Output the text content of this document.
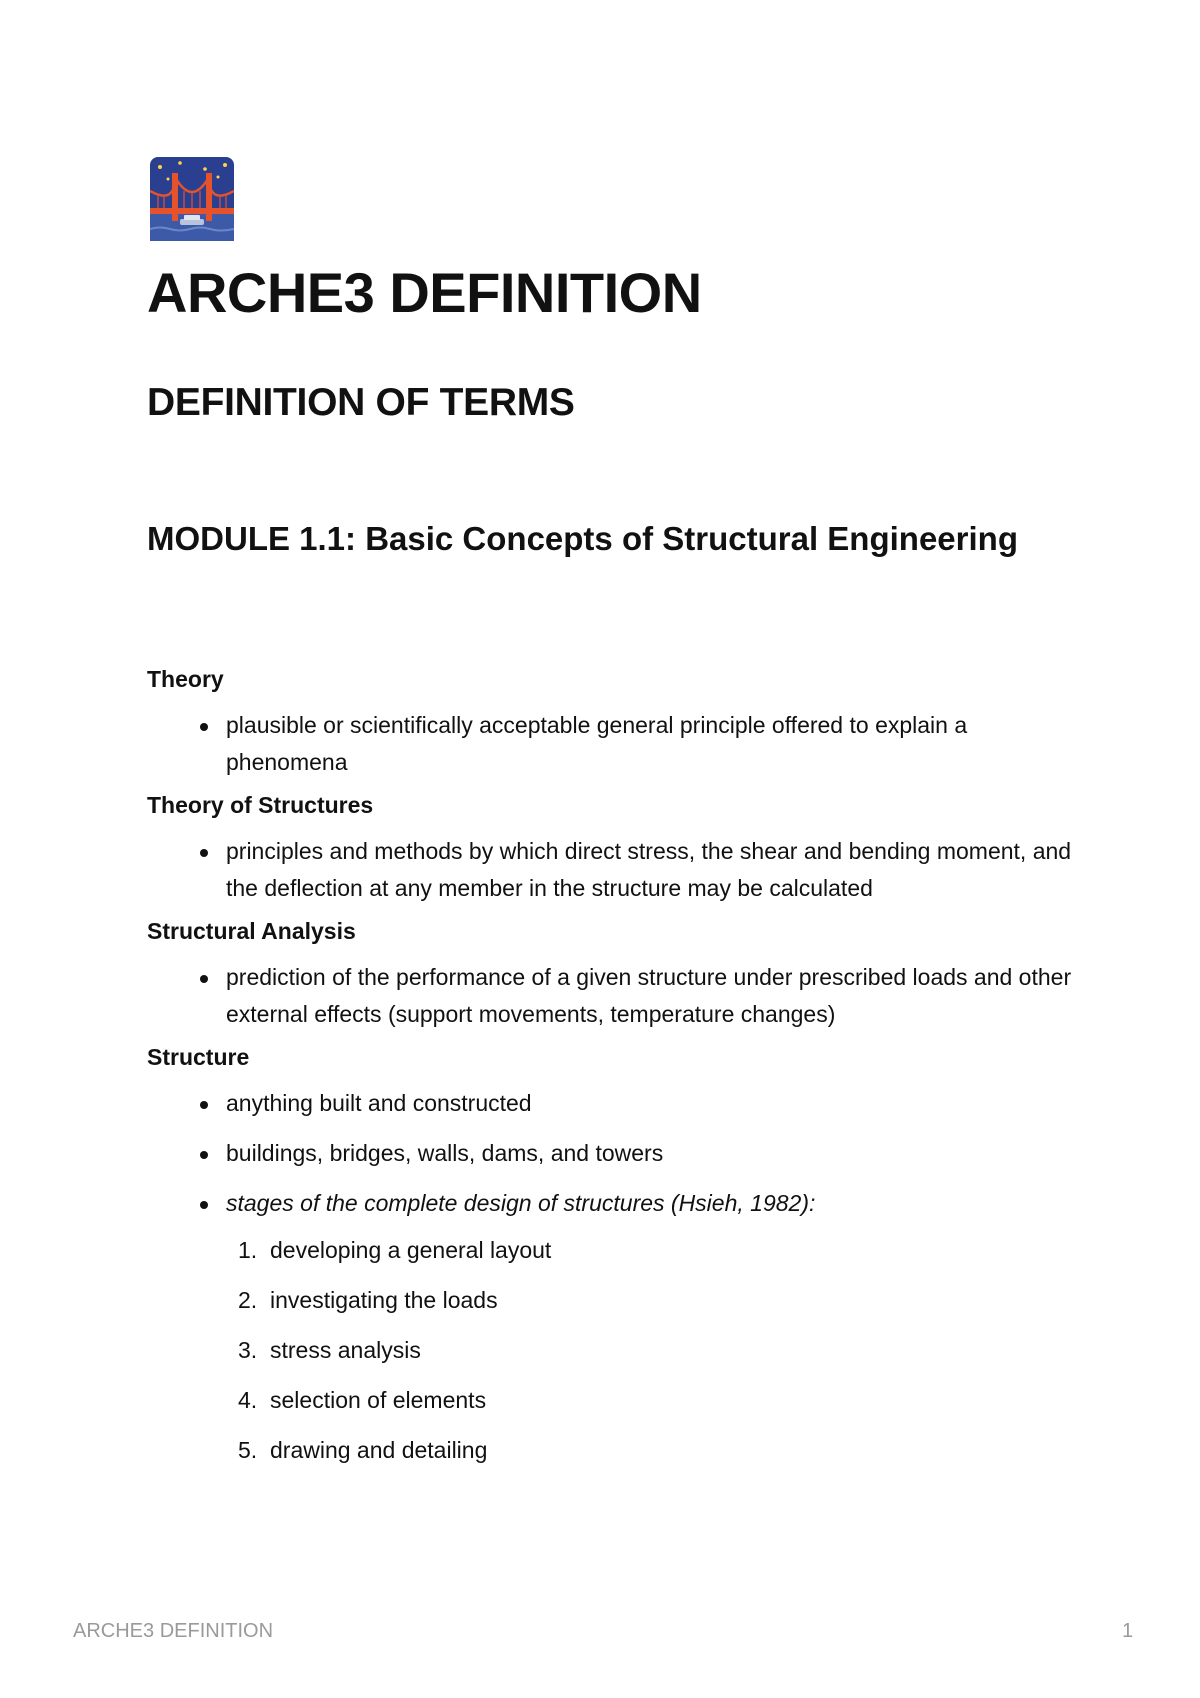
ARCHE3 DEFINITION
DEFINITION OF TERMS
MODULE 1.1: Basic Concepts of Structural Engineering

Theory

plausible or scientifically acceptable general principle offered to explain a phenomena

Theory of Structures

principles and methods by which direct stress, the shear and bending moment, and the deflection at any member in the structure may be calculated

Structural Analysis

prediction of the performance of a given structure under prescribed loads and other external effects (support movements, temperature changes)

Structure

anything built and constructed
buildings, bridges, walls, dams, and towers
stages of the complete design of structures (Hsieh, 1982):
1. developing a general layout
2. investigating the loads
3. stress analysis
4. selection of elements
5. drawing and detailing
ARCHE3 DEFINITION	1
